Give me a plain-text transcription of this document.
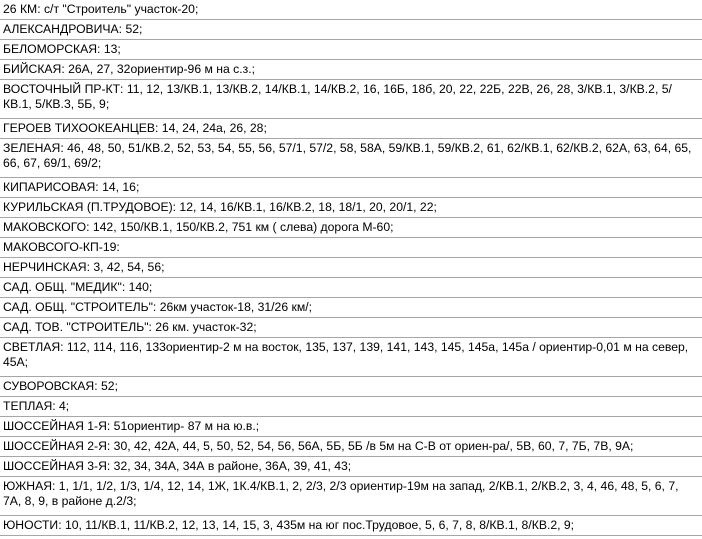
26 КМ: с/т "Строитель" участок-20;
АЛЕКСАНДРОВИЧА: 52;
БЕЛОМОРСКАЯ: 13;
БИЙСКАЯ: 26А, 27, 32ориентир-96 м на с.з.;
ВОСТОЧНЫЙ ПР-КТ: 11, 12, 13/КВ.1, 13/КВ.2, 14/КВ.1, 14/КВ.2, 16, 16Б, 18б, 20, 22, 22Б, 22В, 26, 28, 3/КВ.1, 3/КВ.2, 5/КВ.1, 5/КВ.3, 5Б, 9;
ГЕРОЕВ ТИХООКЕАНЦЕВ: 14, 24, 24а, 26, 28;
ЗЕЛЕНАЯ: 46, 48, 50, 51/КВ.2, 52, 53, 54, 55, 56, 57/1, 57/2, 58, 58А, 59/КВ.1, 59/КВ.2, 61, 62/КВ.1, 62/КВ.2, 62А, 63, 64, 65, 66, 67, 69/1, 69/2;
КИПАРИСОВАЯ: 14, 16;
КУРИЛЬСКАЯ (П.ТРУДОВОЕ): 12, 14, 16/КВ.1, 16/КВ.2, 18, 18/1, 20, 20/1, 22;
МАКОВСКОГО: 142, 150/КВ.1, 150/КВ.2, 751 км ( слева) дорога М-60;
МАКОВСОГО-КП-19:
НЕРЧИНСКАЯ: 3, 42, 54, 56;
САД. ОБЩ. "МЕДИК": 140;
САД. ОБЩ. "СТРОИТЕЛЬ": 26км участок-18, 31/26 км/;
САД. ТОВ. "СТРОИТЕЛЬ": 26 км. участок-32;
СВЕТЛАЯ: 112, 114, 116, 133ориентир-2 м на восток, 135, 137, 139, 141, 143, 145, 145а, 145а / ориентир-0,01 м на север, 45А;
СУВОРОВСКАЯ: 52;
ТЕПЛАЯ: 4;
ШОССЕЙНАЯ 1-Я: 51ориентир- 87 м на ю.в.;
ШОССЕЙНАЯ 2-Я: 30, 42, 42А, 44, 5, 50, 52, 54, 56, 56А, 5Б, 5Б /в 5м на С-В от ориен-ра/, 5В, 60, 7, 7Б, 7В, 9А;
ШОССЕЙНАЯ 3-Я: 32, 34, 34А, 34А в районе, 36А, 39, 41, 43;
ЮЖНАЯ: 1, 1/1, 1/2, 1/3, 1/4, 12, 14, 1Ж, 1К.4/КВ.1, 2, 2/3, 2/3 ориентир-19м на запад, 2/КВ.1, 2/КВ.2, 3, 4, 46, 48, 5, 6, 7, 7А, 8, 9, в районе д.2/3;
ЮНОСТИ: 10, 11/КВ.1, 11/КВ.2, 12, 13, 14, 15, 3, 435м на юг пос.Трудовое, 5, 6, 7, 8, 8/КВ.1, 8/КВ.2, 9;
